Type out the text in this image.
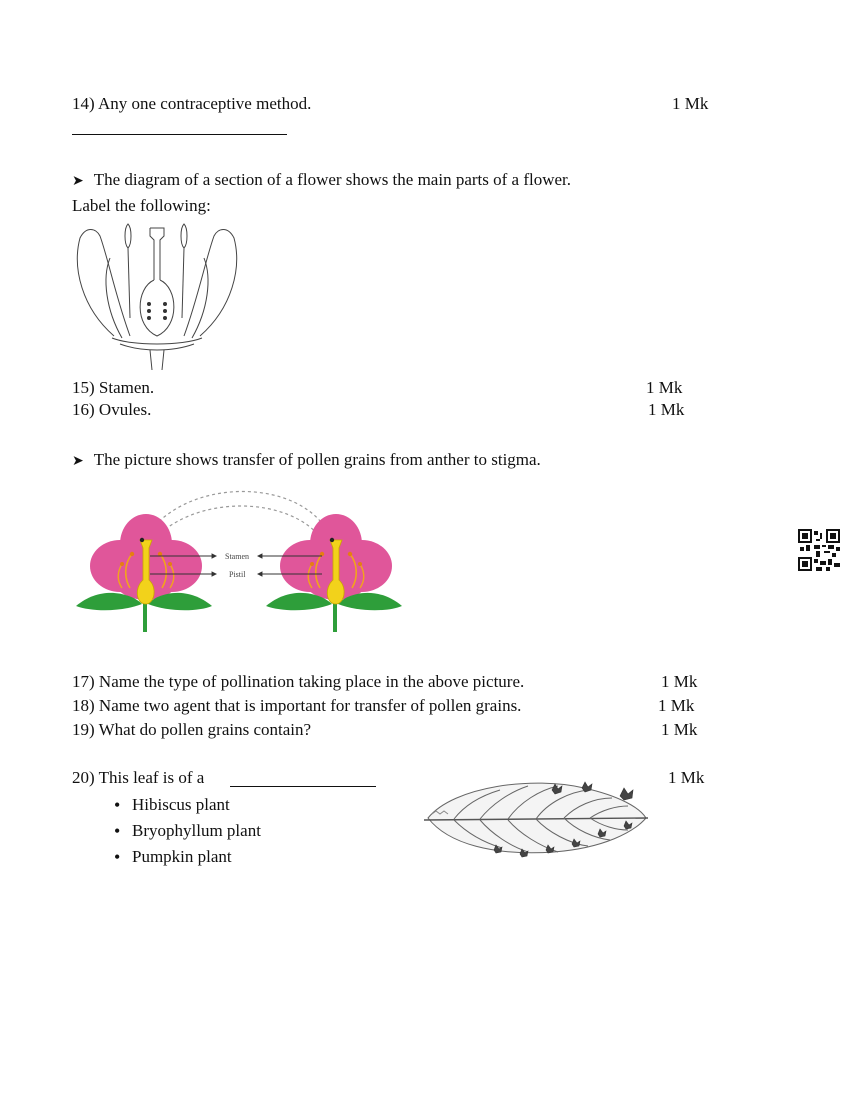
14) Any one contraceptive method.	1 Mk
➤ The diagram of a section of a flower shows the main parts of a flower.
Label the following:
15) Stamen.	1 Mk
16) Ovules.	1 Mk
➤ The picture shows transfer of pollen grains from anther to stigma.
Stamen
Pistil
17) Name the type of pollination taking place in the above picture.	1 Mk
18) Name two agent that is important for transfer of pollen grains.	1 Mk
19) What do pollen grains contain?	1 Mk
20) This leaf is of a	1 Mk
• Hibiscus plant
• Bryophyllum plant
• Pumpkin plant
